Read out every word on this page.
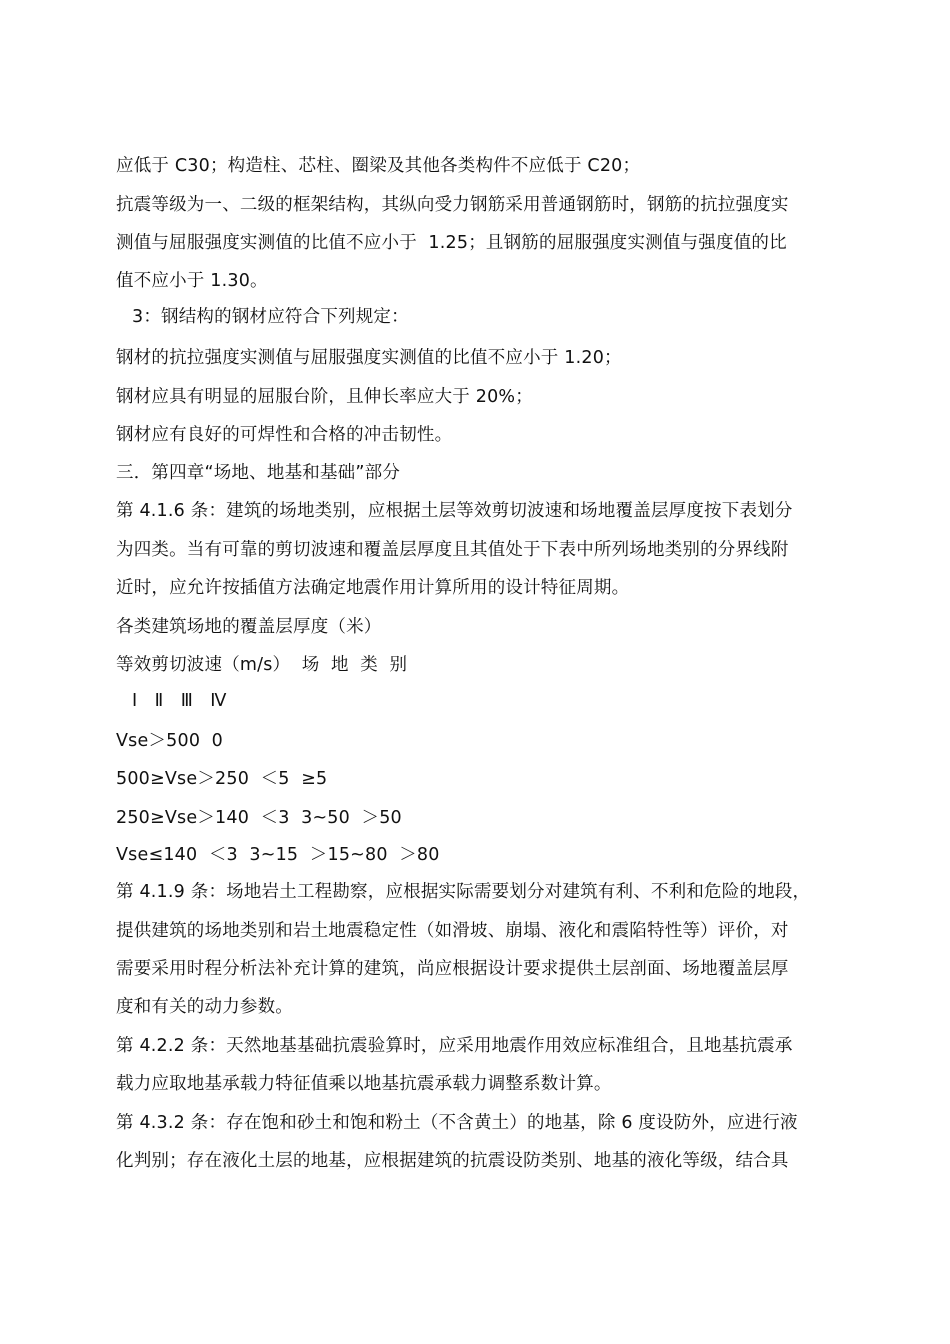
应低于 C30；构造柱、芯柱、圈梁及其他各类构件不应低于 C20；
抗震等级为一、二级的框架结构，其纵向受力钢筋采用普通钢筋时，钢筋的抗拉强度实
测值与屈服强度实测值的比值不应小于  1.25；且钢筋的屈服强度实测值与强度值的比
值不应小于 1.30。
3：钢结构的钢材应符合下列规定：
钢材的抗拉强度实测值与屈服强度实测值的比值不应小于 1.20；
钢材应具有明显的屈服台阶，且伸长率应大于 20%；
钢材应有良好的可焊性和合格的冲击韧性。
三．第四章“场地、地基和基础”部分
第 4.1.6 条：建筑的场地类别，应根据土层等效剪切波速和场地覆盖层厚度按下表划分
为四类。当有可靠的剪切波速和覆盖层厚度且其值处于下表中所列场地类别的分界线附
近时，应允许按插值方法确定地震作用计算所用的设计特征周期。
各类建筑场地的覆盖层厚度（米）
等效剪切波速（m/s）  场  地  类  别
Ⅰ   Ⅱ   Ⅲ   Ⅳ
Vse＞500  0
500≥Vse＞250  ＜5  ≥5
250≥Vse＞140  ＜3  3~50  ＞50
Vse≤140  ＜3  3~15  ＞15~80  ＞80
第 4.1.9 条：场地岩土工程勘察，应根据实际需要划分对建筑有利、不利和危险的地段，
提供建筑的场地类别和岩土地震稳定性（如滑坡、崩塌、液化和震陷特性等）评价，对
需要采用时程分析法补充计算的建筑，尚应根据设计要求提供土层剖面、场地覆盖层厚
度和有关的动力参数。
第 4.2.2 条：天然地基基础抗震验算时，应采用地震作用效应标准组合，且地基抗震承
载力应取地基承载力特征值乘以地基抗震承载力调整系数计算。
第 4.3.2 条：存在饱和砂土和饱和粉土（不含黄土）的地基，除 6 度设防外，应进行液
化判别；存在液化土层的地基，应根据建筑的抗震设防类别、地基的液化等级，结合具
